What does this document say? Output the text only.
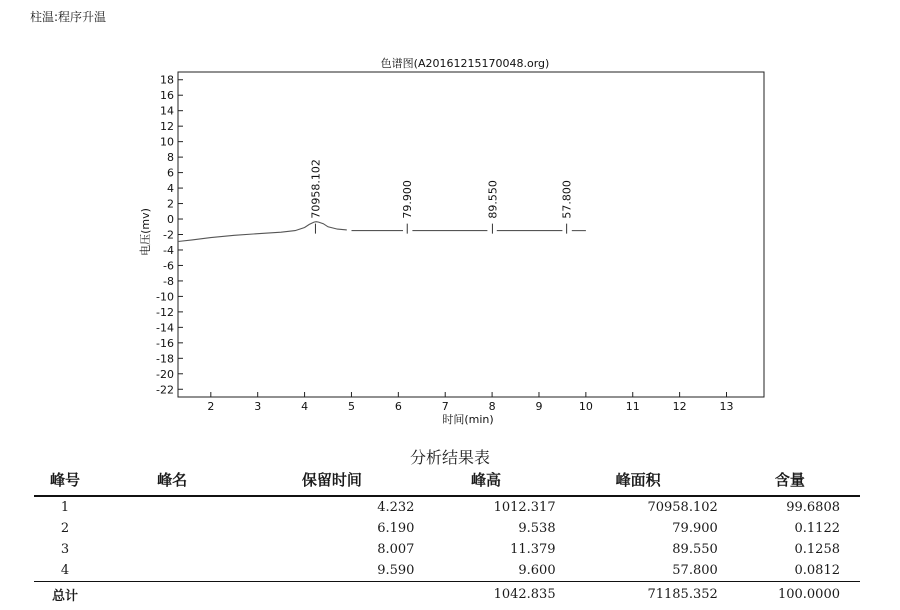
柱温:程序升温
色谱图(A20161215170048.org)
18
16
14
12
10
8
6
4
2
0
-2
-4
-6
-8
-10
-12
-14
-16
-18
-20
-22
2	3	4	5	6	7	8	9	10	11	12	13
70958.102	79.900	89.550	57.800
时间(min)
电压(mv)
分析结果表
峰号	峰名	保留时间	峰高	峰面积	含量
1		4.232	1012.317	70958.102	99.6808
2		6.190	9.538	79.900	0.1122
3		8.007	11.379	89.550	0.1258
4		9.590	9.600	57.800	0.0812
总计			1042.835	71185.352	100.0000
